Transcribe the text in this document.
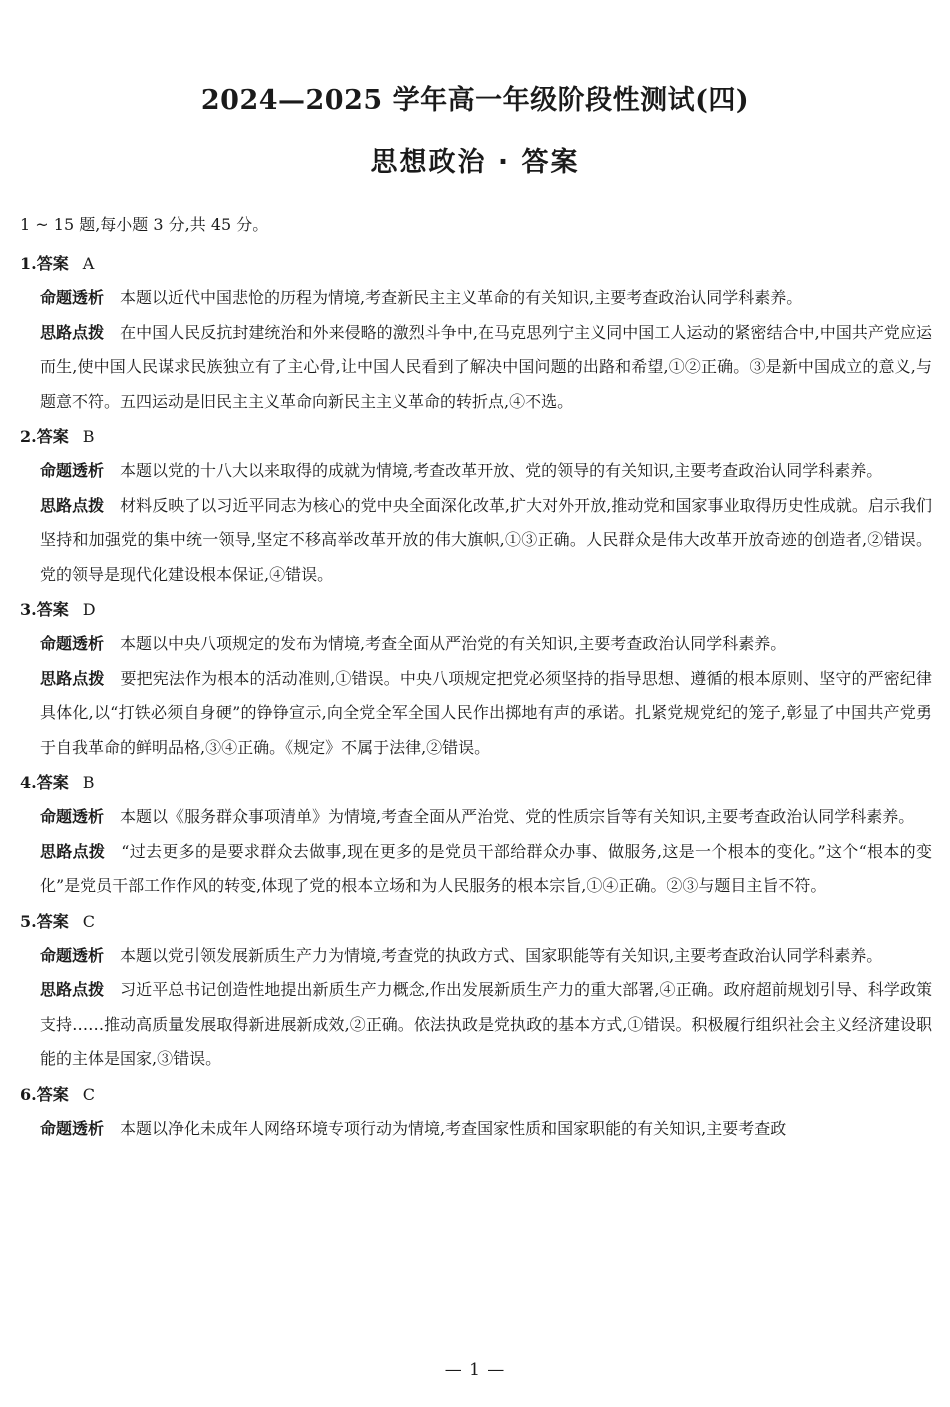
2024—2025 学年高一年级阶段性测试(四)
思想政治 · 答案
1 ~ 15 题,每小题 3 分,共 45 分。
1.答案 A
命题透析 本题以近代中国悲怆的历程为情境,考查新民主主义革命的有关知识,主要考查政治认同学科素养。
思路点拨 在中国人民反抗封建统治和外来侵略的激烈斗争中,在马克思列宁主义同中国工人运动的紧密结合中,中国共产党应运而生,使中国人民谋求民族独立有了主心骨,让中国人民看到了解决中国问题的出路和希望,①②正确。③是新中国成立的意义,与题意不符。五四运动是旧民主主义革命向新民主主义革命的转折点,④不选。
2.答案 B
命题透析 本题以党的十八大以来取得的成就为情境,考查改革开放、党的领导的有关知识,主要考查政治认同学科素养。
思路点拨 材料反映了以习近平同志为核心的党中央全面深化改革,扩大对外开放,推动党和国家事业取得历史性成就。启示我们坚持和加强党的集中统一领导,坚定不移高举改革开放的伟大旗帜,①③正确。人民群众是伟大改革开放奇迹的创造者,②错误。党的领导是现代化建设根本保证,④错误。
3.答案 D
命题透析 本题以中央八项规定的发布为情境,考查全面从严治党的有关知识,主要考查政治认同学科素养。
思路点拨 要把宪法作为根本的活动准则,①错误。中央八项规定把党必须坚持的指导思想、遵循的根本原则、坚守的严密纪律具体化,以“打铁必须自身硬”的铮铮宣示,向全党全军全国人民作出掷地有声的承诺。扎紧党规党纪的笼子,彰显了中国共产党勇于自我革命的鲜明品格,③④正确。《规定》不属于法律,②错误。
4.答案 B
命题透析 本题以《服务群众事项清单》为情境,考查全面从严治党、党的性质宗旨等有关知识,主要考查政治认同学科素养。
思路点拨 “过去更多的是要求群众去做事,现在更多的是党员干部给群众办事、做服务,这是一个根本的变化。”这个“根本的变化”是党员干部工作作风的转变,体现了党的根本立场和为人民服务的根本宗旨,①④正确。②③与题目主旨不符。
5.答案 C
命题透析 本题以党引领发展新质生产力为情境,考查党的执政方式、国家职能等有关知识,主要考查政治认同学科素养。
思路点拨 习近平总书记创造性地提出新质生产力概念,作出发展新质生产力的重大部署,④正确。政府超前规划引导、科学政策支持……推动高质量发展取得新进展新成效,②正确。依法执政是党执政的基本方式,①错误。积极履行组织社会主义经济建设职能的主体是国家,③错误。
6.答案 C
命题透析 本题以净化未成年人网络环境专项行动为情境,考查国家性质和国家职能的有关知识,主要考查政
— 1 —
